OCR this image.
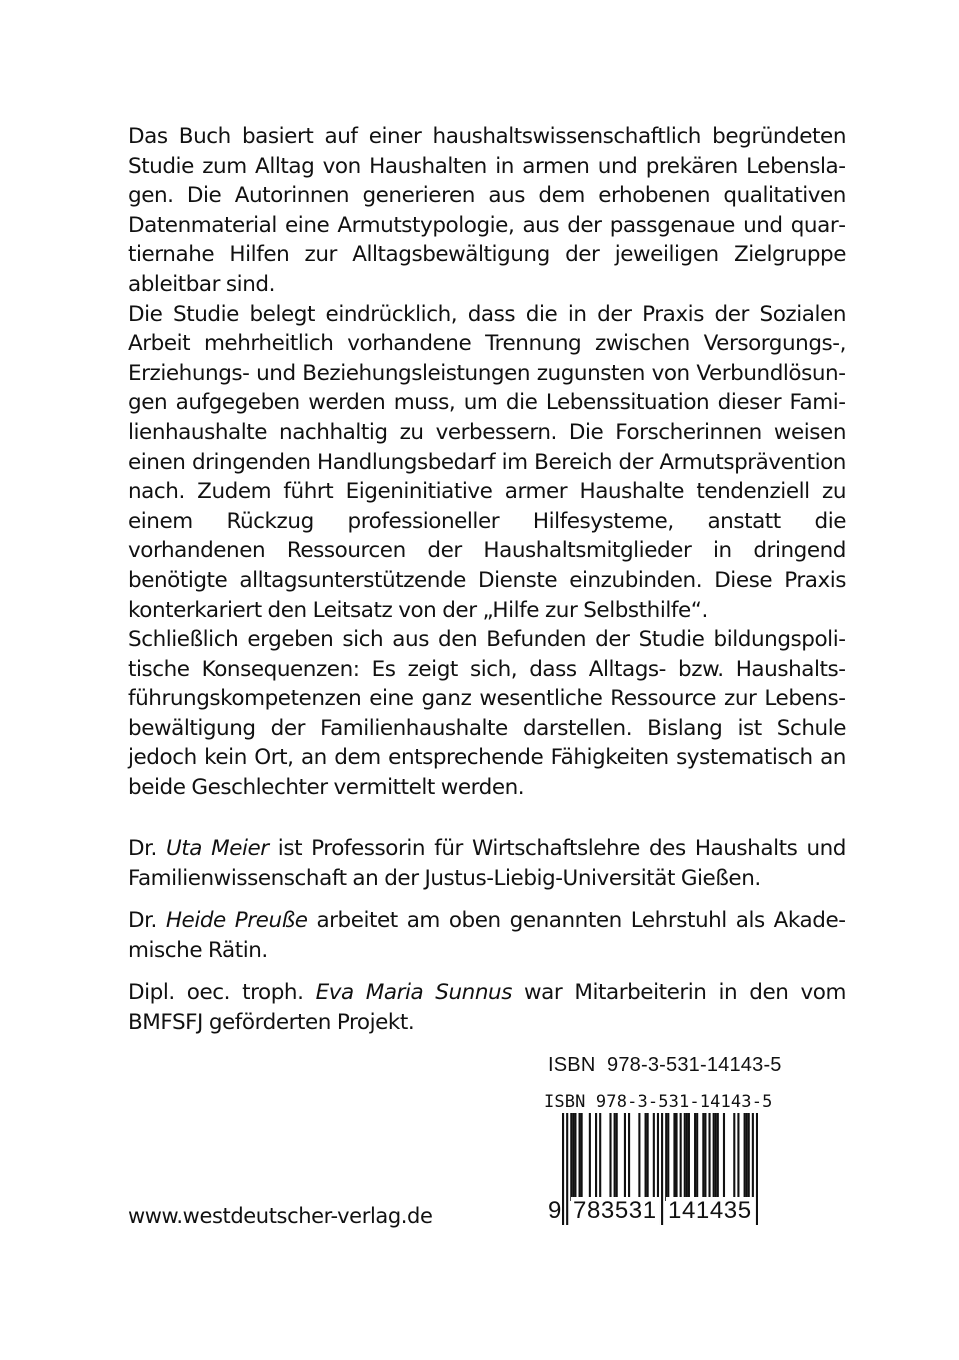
Das Buch basiert auf einer haushaltswissenschaftlich begründeten Studie zum Alltag von Haushalten in armen und prekären Lebenslagen. Die Autorinnen generieren aus dem erhobenen qualitativen Datenmaterial eine Armutstypologie, aus der passgenaue und quartiernahe Hilfen zur Alltagsbewältigung der jeweiligen Zielgruppe ableitbar sind.

Die Studie belegt eindrücklich, dass die in der Praxis der Sozialen Arbeit mehrheitlich vorhandene Trennung zwischen Versorgungs-, Erziehungs- und Beziehungsleistungen zugunsten von Verbundlösungen aufgegeben werden muss, um die Lebenssituation dieser Familienhaushalte nachhaltig zu verbessern. Die Forscherinnen weisen einen dringenden Handlungsbedarf im Bereich der Armutsprävention nach. Zudem führt Eigeninitiative armer Haushalte tendenziell zu einem Rückzug professioneller Hilfesysteme, anstatt die vorhandenen Ressourcen der Haushaltsmitglieder in dringend benötigte alltagsunterstützende Dienste einzubinden. Diese Praxis konterkariert den Leitsatz von der „Hilfe zur Selbsthilfe“.

Schließlich ergeben sich aus den Befunden der Studie bildungspolitische Konsequenzen: Es zeigt sich, dass Alltags- bzw. Haushaltsführungskompetenzen eine ganz wesentliche Ressource zur Lebensbewältigung der Familienhaushalte darstellen. Bislang ist Schule jedoch kein Ort, an dem entsprechende Fähigkeiten systematisch an beide Geschlechter vermittelt werden.

Dr. Uta Meier ist Professorin für Wirtschaftslehre des Haushalts und Familienwissenschaft an der Justus-Liebig-Universität Gießen.

Dr. Heide Preuße arbeitet am oben genannten Lehrstuhl als Akademische Rätin.

Dipl. oec. troph. Eva Maria Sunnus war Mitarbeiterin in den vom BMFSFJ geförderten Projekt.

ISBN  978-3-531-14143-5
ISBN 978-3-531-14143-5
9 783531 141435
www.westdeutscher-verlag.de
